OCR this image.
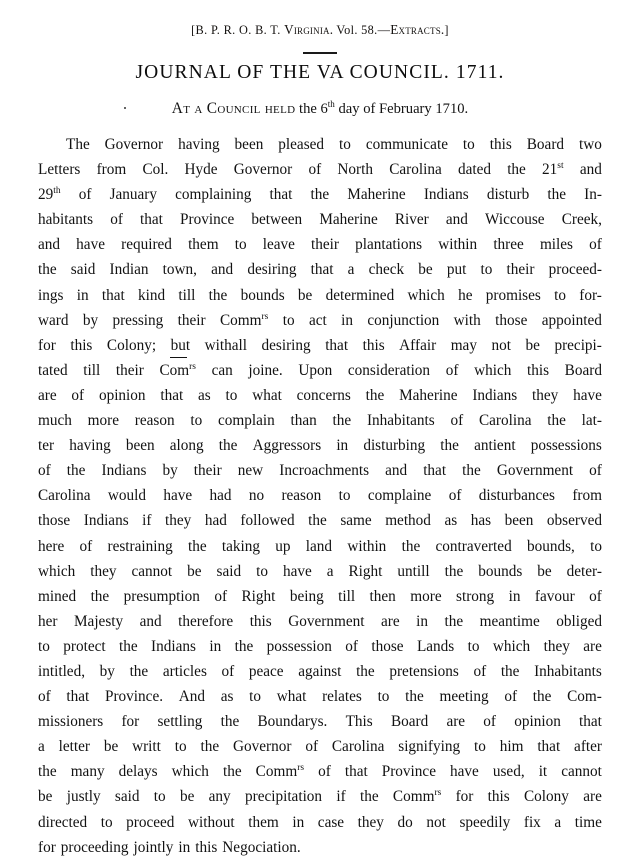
[B. P. R. O. B. T. Virginia. Vol. 58.—Extracts.]
JOURNAL OF THE VA COUNCIL. 1711.
At a Council held the 6th day of February 1710.
The Governor having been pleased to communicate to this Board two
Letters from Col. Hyde Governor of North Carolina dated the 21st and
29th of January complaining that the Maherine Indians disturb the In-
habitants of that Province between Maherine River and Wiccouse Creek,
and have required them to leave their plantations within three miles of
the said Indian town, and desiring that a check be put to their proceed-
ings in that kind till the bounds be determined which he promises to for-
ward by pressing their Comm$^{rs}$ to act in conjunction with those appointed
for this Colony; but withall desiring that this Affair may not be precipi-
tated till their Com$^{rs}$ can joine. Upon consideration of which this Board
are of opinion that as to what concerns the Maherine Indians they have
much more reason to complain than the Inhabitants of Carolina the lat-
ter having been along the Aggressors in disturbing the antient possessions
of the Indians by their new Incroachments and that the Government of
Carolina would have had no reason to complaine of disturbances from
those Indians if they had followed the same method as has been observed
here of restraining the taking up land within the contraverted bounds, to
which they cannot be said to have a Right untill the bounds be deter-
mined the presumption of Right being till then more strong in favour of
her Majesty and therefore this Government are in the meantime obliged
to protect the Indians in the possession of those Lands to which they are
intitled, by the articles of peace against the pretensions of the Inhabitants
of that Province. And as to what relates to the meeting of the Com-
missioners for settling the Boundarys. This Board are of opinion that
a letter be writt to the Governor of Carolina signifying to him that after
the many delays which the Comm$^{rs}$ of that Province have used, it cannot
be justly said to be any precipitation if the Comm$^{rs}$ for this Colony are
directed to proceed without them in case they do not speedily fix a time
for proceeding jointly in this Negociation.
